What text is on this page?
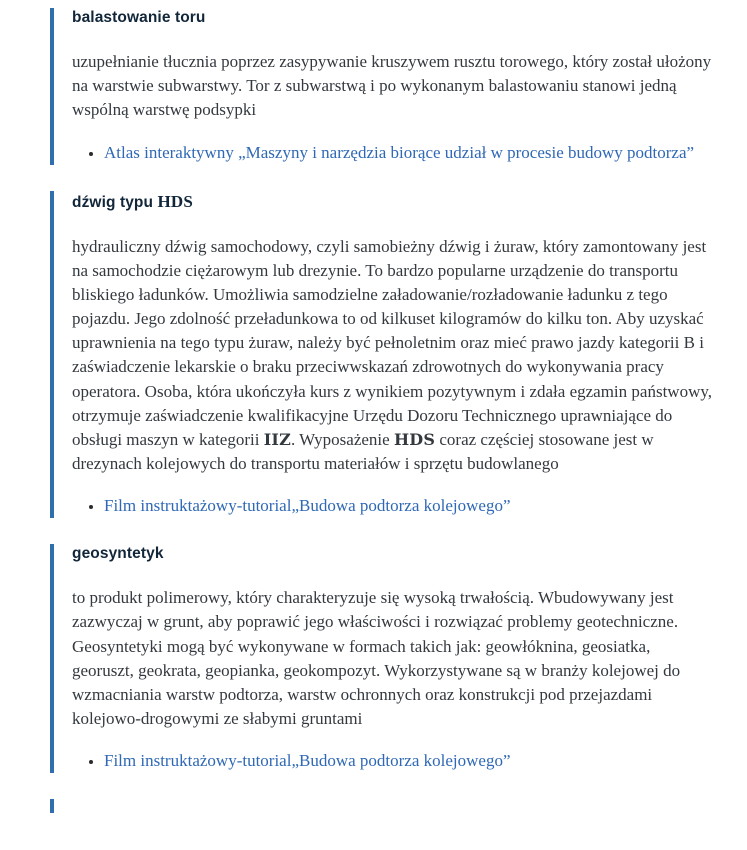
balastowanie toru

uzupełnianie tłucznia poprzez zasypywanie kruszywem rusztu torowego, który został ułożony na warstwie subwarstwy. Tor z subwarstwą i po wykonanym balastowaniu stanowi jedną wspólną warstwę podsypki

• Atlas interaktywny „Maszyny i narzędzia biorące udział w procesie budowy podtorza”
dźwig typu HDS

hydrauliczny dźwig samochodowy, czyli samobieżny dźwig i żuraw, który zamontowany jest na samochodzie ciężarowym lub drezynie. To bardzo popularne urządzenie do transportu bliskiego ładunków. Umożliwia samodzielne załadowanie/rozładowanie ładunku z tego pojazdu. Jego zdolność przeładunkowa to od kilkuset kilogramów do kilku ton. Aby uzyskać uprawnienia na tego typu żuraw, należy być pełnoletnim oraz mieć prawo jazdy kategorii B i zaświadczenie lekarskie o braku przeciwwskazań zdrowotnych do wykonywania pracy operatora. Osoba, która ukończyła kurs z wynikiem pozytywnym i zdała egzamin państwowy, otrzymuje zaświadczenie kwalifikacyjne Urzędu Dozoru Technicznego uprawniające do obsługi maszyn w kategorii IIZ. Wyposażenie HDS coraz częściej stosowane jest w drezynach kolejowych do transportu materiałów i sprzętu budowlanego

• Film instruktażowy-tutorial„Budowa podtorza kolejowego”
geosyntetyk

to produkt polimerowy, który charakteryzuje się wysoką trwałością. Wbudowywany jest zazwyczaj w grunt, aby poprawić jego właściwości i rozwiązać problemy geotechniczne. Geosyntetyki mogą być wykonywane w formach takich jak: geowłóknina, geosiatka, georuszt, geokrata, geopianka, geokompozyt. Wykorzystywane są w branży kolejowej do wzmacniania warstw podtorza, warstw ochronnych oraz konstrukcji pod przejazdami kolejowo-drogowymi ze słabymi gruntami

• Film instruktażowy-tutorial„Budowa podtorza kolejowego”
